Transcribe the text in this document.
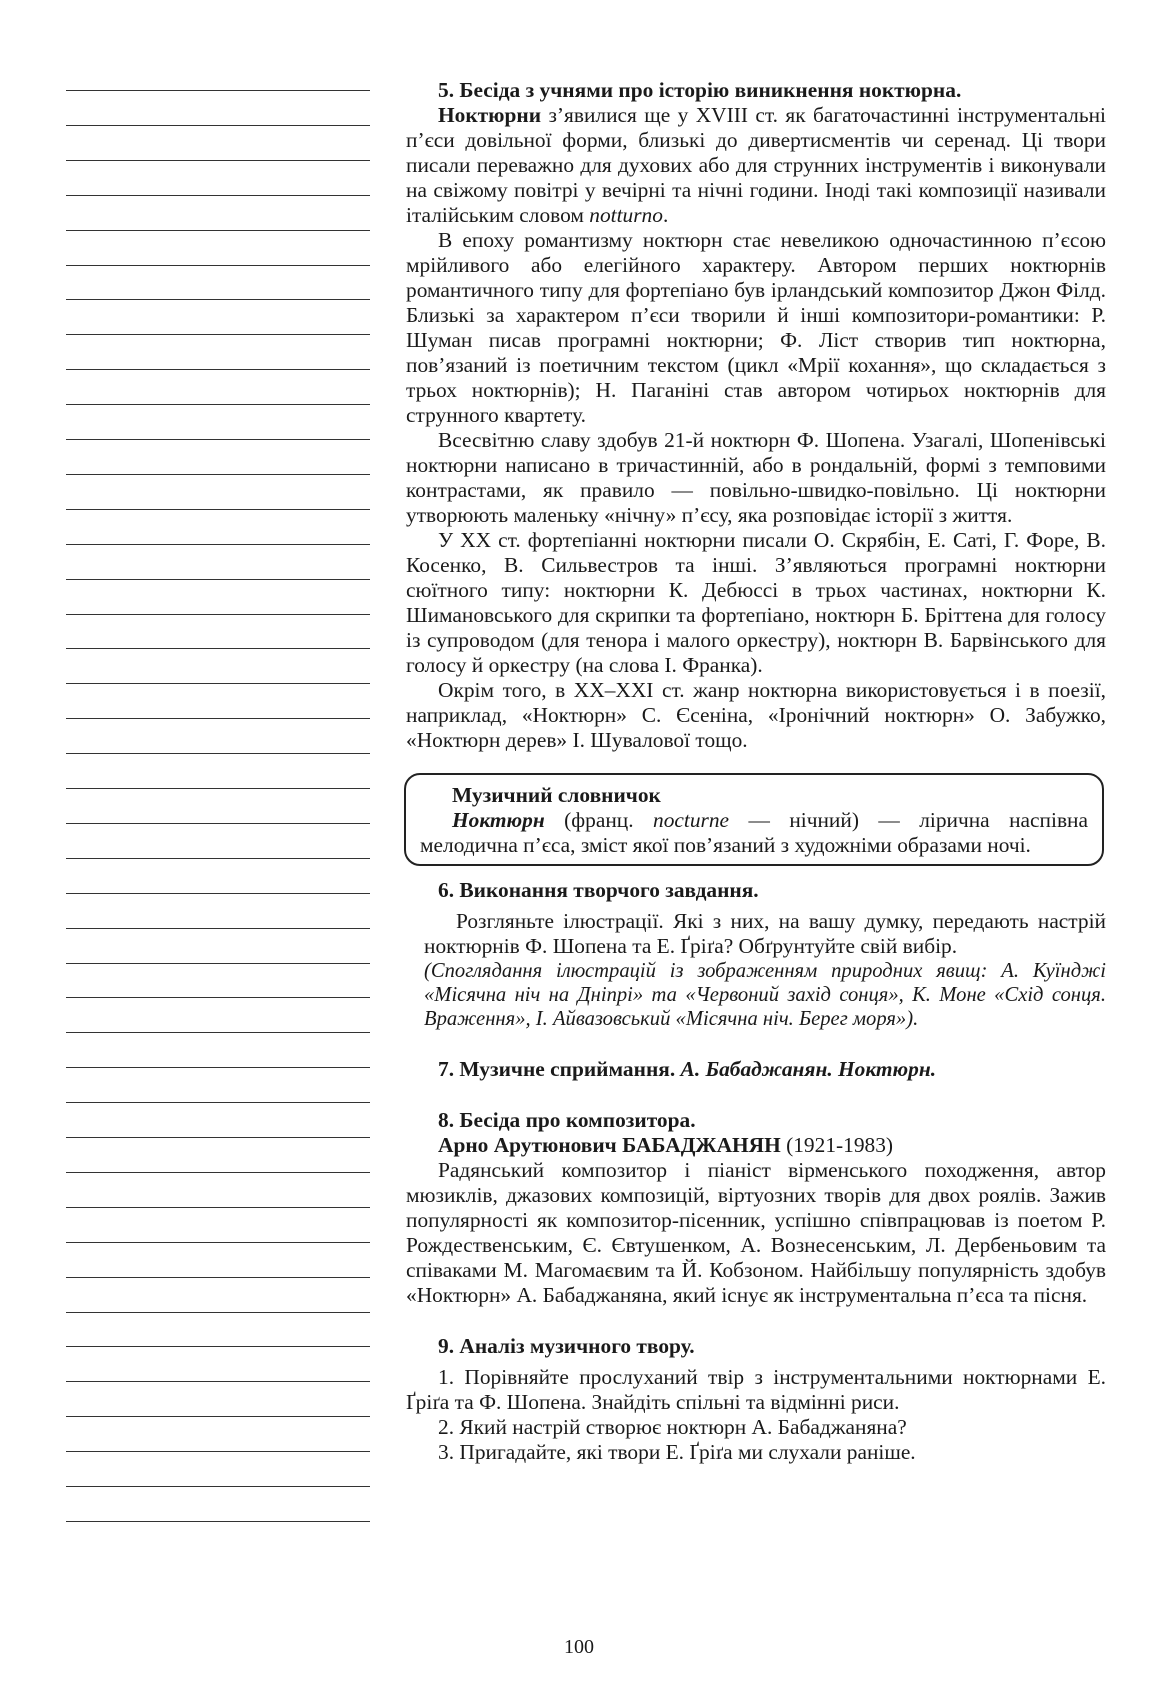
5. Бесіда з учнями про історію виникнення ноктюрна.

Ноктюрни з’явилися ще у XVIII ст. як багаточастинні інструментальні п’єси довільної форми, близькі до дивертисментів чи серенад. Ці твори писали переважно для духових або для струнних інструментів і виконували на свіжому повітрі у вечірні та нічні години. Іноді такі композиції називали італійським словом notturno.

В епоху романтизму ноктюрн стає невеликою одночастинною п’єсою мрійливого або елегійного характеру. Автором перших ноктюрнів романтичного типу для фортепіано був ірландський композитор Джон Філд. Близькі за характером п’єси творили й інші композитори-романтики: Р. Шуман писав програмні ноктюрни; Ф. Ліст створив тип ноктюрна, пов’язаний із поетичним текстом (цикл «Мрії кохання», що складається з трьох ноктюрнів); Н. Паганіні став автором чотирьох ноктюрнів для струнного квартету.

Всесвітню славу здобув 21-й ноктюрн Ф. Шопена. Узагалі, Шопенівські ноктюрни написано в тричастинній, або в рондальній, формі з темповими контрастами, як правило — повільно-швидко-повільно. Ці ноктюрни утворюють маленьку «нічну» п’єсу, яка розповідає історії з життя.

У XX ст. фортепіанні ноктюрни писали О. Скрябін, Е. Саті, Г. Форе, В. Косенко, В. Сильвестров та інші. З’являються програмні ноктюрни сюїтного типу: ноктюрни К. Дебюссі в трьох частинах, ноктюрни К. Шимановського для скрипки та фортепіано, ноктюрн Б. Бріттена для голосу із супроводом (для тенора і малого оркестру), ноктюрн В. Барвінського для голосу й оркестру (на слова І. Франка).

Окрім того, в XX–XXI ст. жанр ноктюрна використовується і в поезії, наприклад, «Ноктюрн» С. Єсеніна, «Іронічний ноктюрн» О. Забужко, «Ноктюрн дерев» І. Шувалової тощо.

Музичний словничок

Ноктюрн (франц. nocturne — нічний) — лірична наспівна мелодична п’єса, зміст якої пов’язаний з художніми образами ночі.

6. Виконання творчого завдання.

Розгляньте ілюстрації. Які з них, на вашу думку, передають настрій ноктюрнів Ф. Шопена та Е. Ґріґа? Обґрунтуйте свій вибір.

(Споглядання ілюстрацій із зображенням природних явищ: А. Куїнджі «Місячна ніч на Дніпрі» та «Червоний захід сонця», К. Моне «Схід сонця. Враження», І. Айвазовський «Місячна ніч. Берег моря»).

7. Музичне сприймання. А. Бабаджанян. Ноктюрн.

8. Бесіда про композитора.

Арно Арутюнович БАБАДЖАНЯН (1921-1983)

Радянський композитор і піаніст вірменського походження, автор мюзиклів, джазових композицій, віртуозних творів для двох роялів. Зажив популярності як композитор-пісенник, успішно співпрацював із поетом Р. Рождественським, Є. Євтушенком, А. Вознесенським, Л. Дербеньовим та співаками М. Магомаєвим та Й. Кобзоном. Найбільшу популярність здобув «Ноктюрн» А. Бабаджаняна, який існує як інструментальна п’єса та пісня.

9. Аналіз музичного твору.

1. Порівняйте прослуханий твір з інструментальними ноктюрнами Е. Ґріґа та Ф. Шопена. Знайдіть спільні та відмінні риси.

2. Який настрій створює ноктюрн А. Бабаджаняна?

3. Пригадайте, які твори Е. Ґріґа ми слухали раніше.

100
